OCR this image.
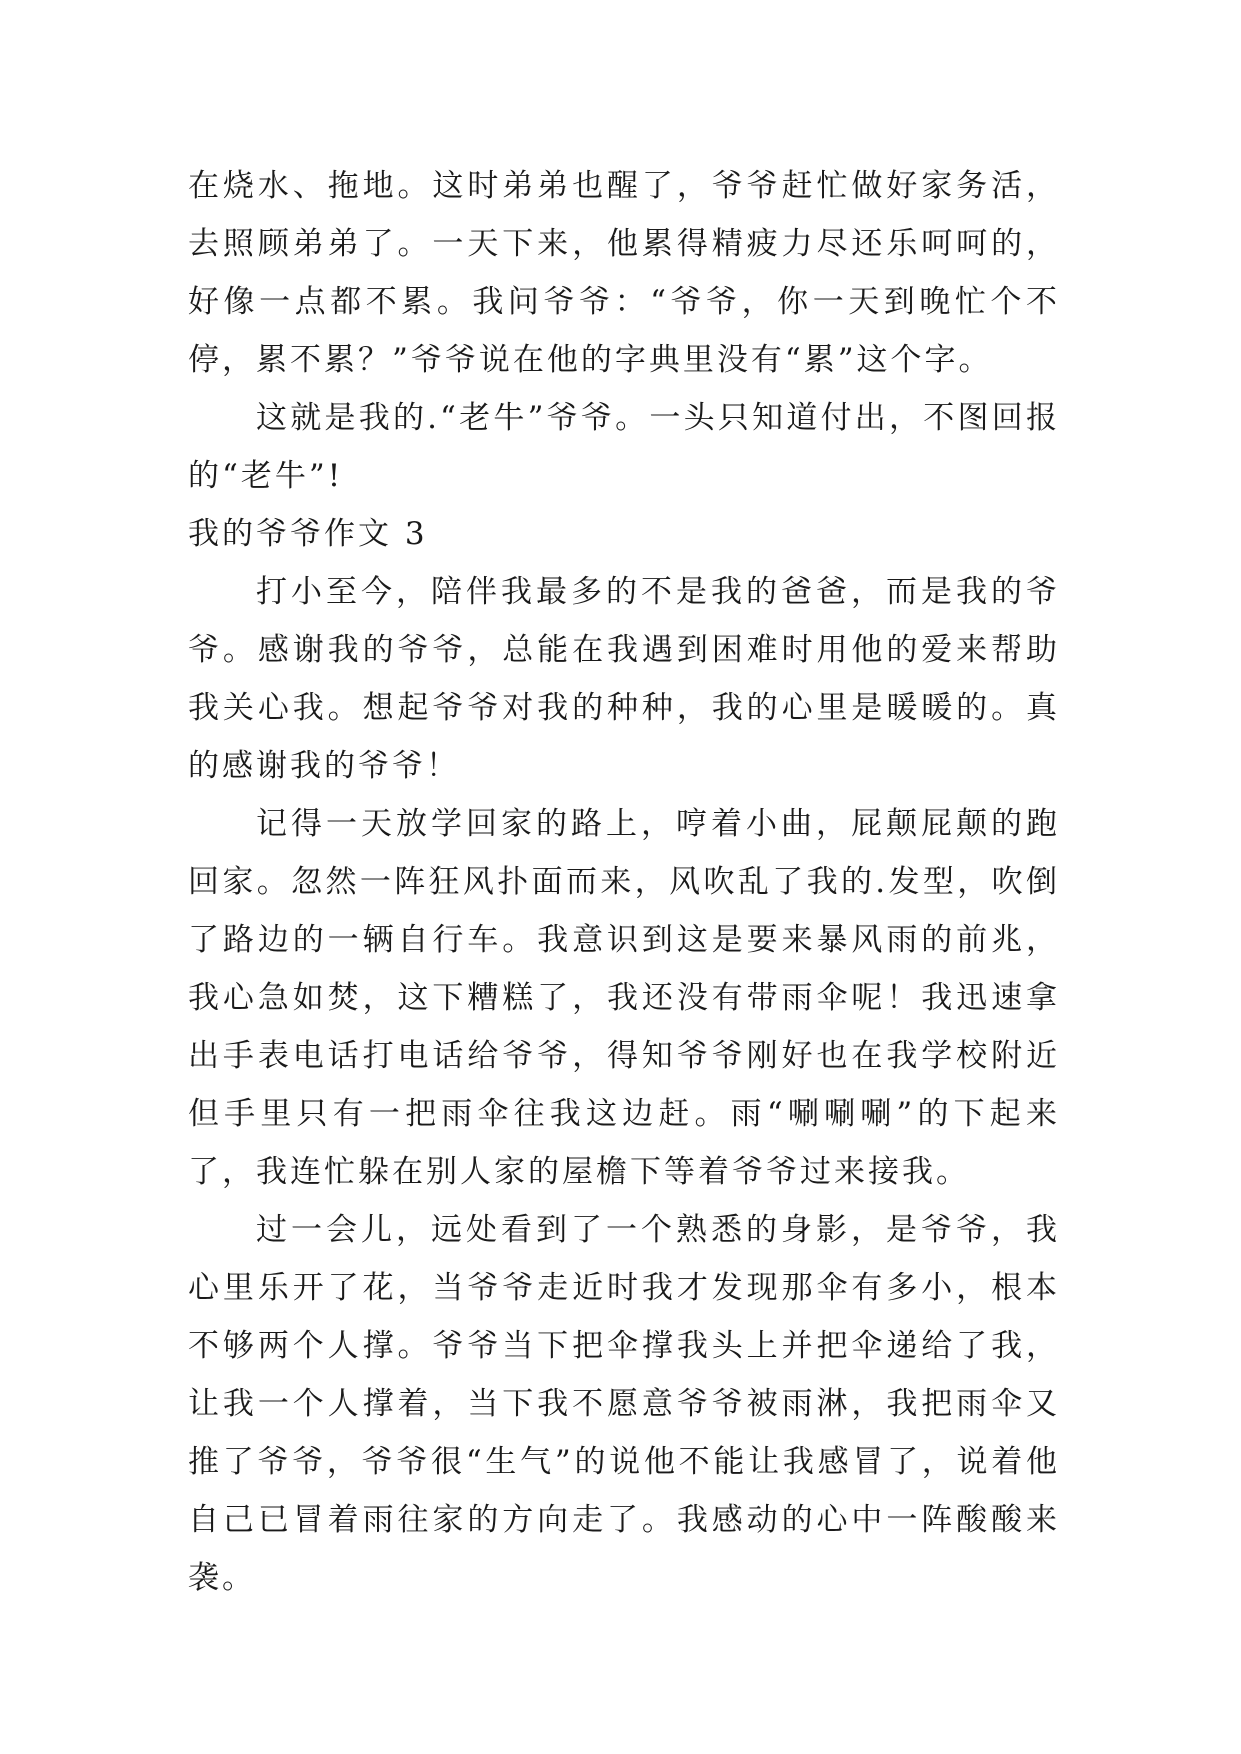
在烧水、拖地。这时弟弟也醒了，爷爷赶忙做好家务活，去照顾弟弟了。一天下来，他累得精疲力尽还乐呵呵的，好像一点都不累。我问爷爷：“爷爷，你一天到晚忙个不停，累不累？”爷爷说在他的字典里没有“累”这个字。

这就是我的.“老牛”爷爷。一头只知道付出，不图回报的“老牛”!

我的爷爷作文 3

打小至今，陪伴我最多的不是我的爸爸，而是我的爷爷。感谢我的爷爷，总能在我遇到困难时用他的爱来帮助我关心我。想起爷爷对我的种种，我的心里是暖暖的。真的感谢我的爷爷！

记得一天放学回家的路上，哼着小曲，屁颠屁颠的跑回家。忽然一阵狂风扑面而来，风吹乱了我的.发型，吹倒了路边的一辆自行车。我意识到这是要来暴风雨的前兆，我心急如焚，这下糟糕了，我还没有带雨伞呢！我迅速拿出手表电话打电话给爷爷，得知爷爷刚好也在我学校附近但手里只有一把雨伞往我这边赶。雨“唰唰唰”的下起来了，我连忙躲在别人家的屋檐下等着爷爷过来接我。

过一会儿，远处看到了一个熟悉的身影，是爷爷，我心里乐开了花，当爷爷走近时我才发现那伞有多小，根本不够两个人撑。爷爷当下把伞撑我头上并把伞递给了我，让我一个人撑着，当下我不愿意爷爷被雨淋，我把雨伞又推了爷爷，爷爷很“生气”的说他不能让我感冒了，说着他自己已冒着雨往家的方向走了。我感动的心中一阵酸酸来袭。
